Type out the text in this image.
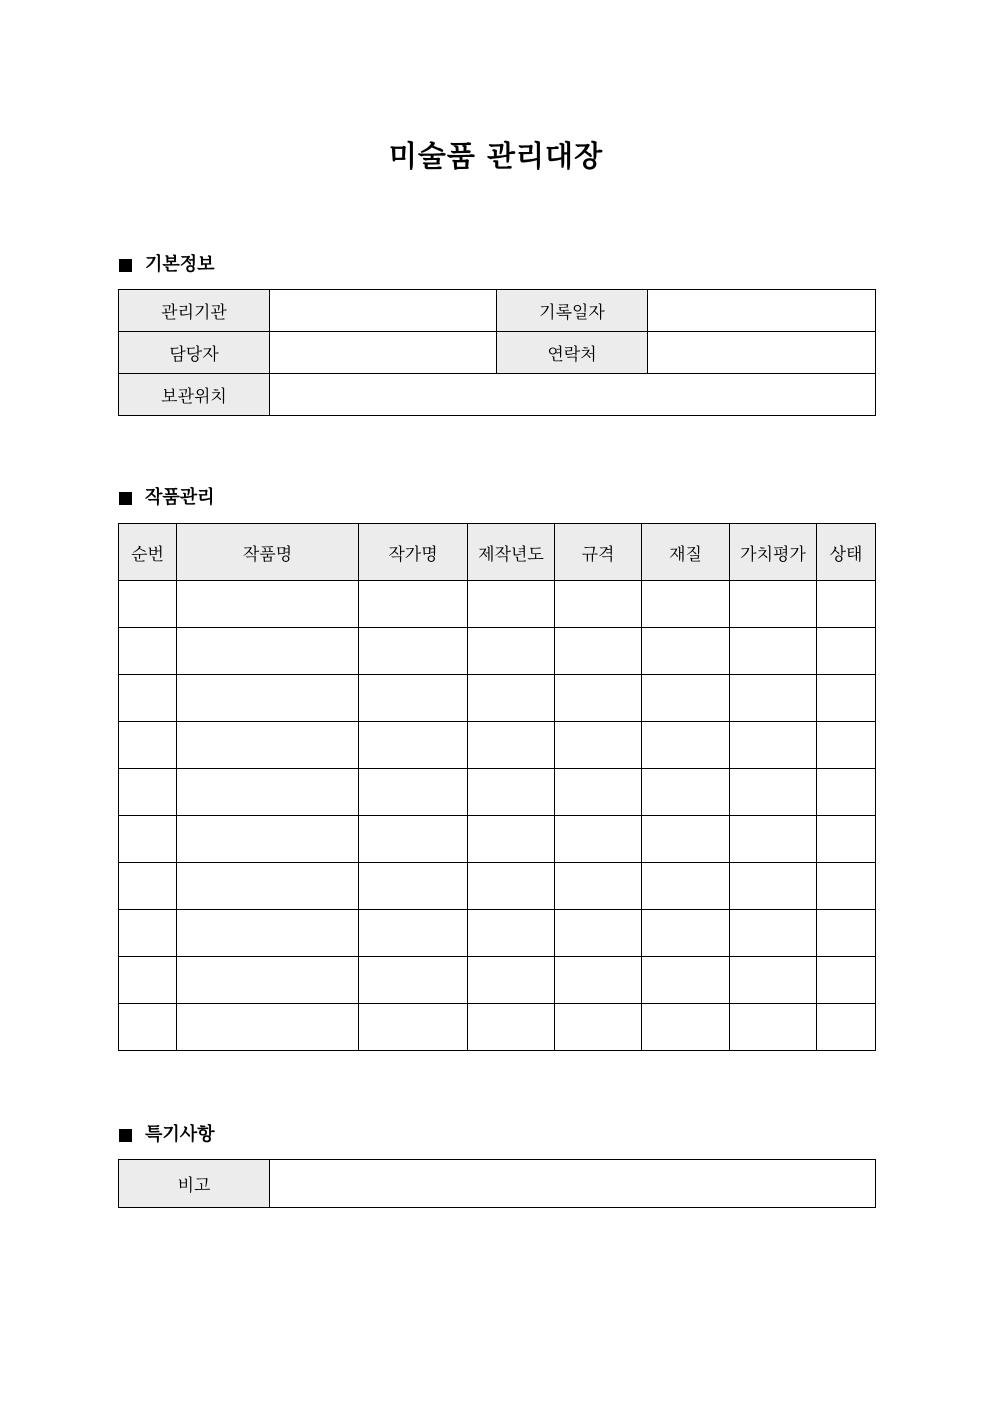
미술품 관리대장
기본정보
관리기관		기록일자	
담당자		연락처	
보관위치			
작품관리
순번	작품명	작가명	제작년도	규격	재질	가치평가	상태

특기사항
비고	
